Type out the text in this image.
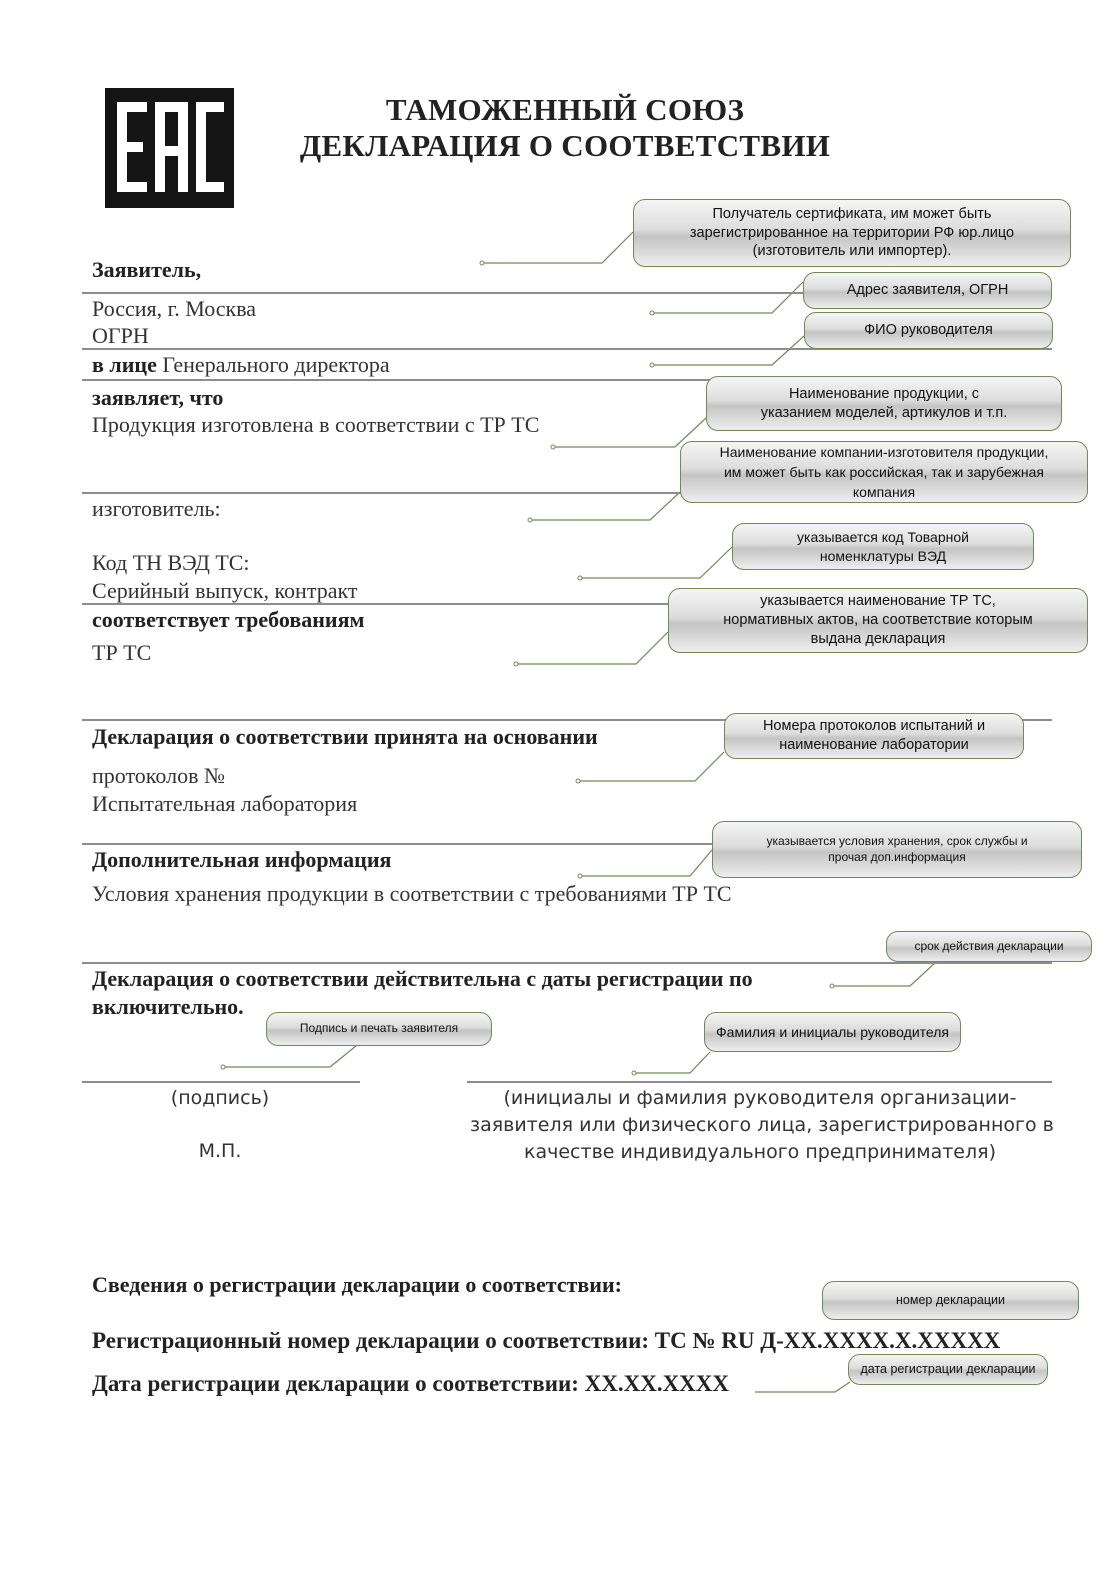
ТАМОЖЕННЫЙ СОЮЗ
ДЕКЛАРАЦИЯ О СООТВЕТСТВИИ
Заявитель,
Россия, г. Москва
ОГРН
в лице Генерального директора
заявляет, что
Продукция изготовлена в соответствии с ТР ТС
изготовитель:
Код ТН ВЭД ТС:
Серийный выпуск, контракт
соответствует требованиям
ТР ТС
Декларация о соответствии принята на основании
протоколов №
Испытательная лаборатория
Дополнительная информация
Условия хранения продукции в соответствии с требованиями ТР ТС
Декларация о соответствии действительна с даты регистрации по
включительно.
(подпись)
М.П.
(инициалы и фамилия руководителя организации-
заявителя или физического лица, зарегистрированного в
качестве индивидуального предпринимателя)
Сведения о регистрации декларации о соответствии:
Регистрационный номер декларации о соответствии: ТС № RU Д-XX.XXXX.X.XXXXX
Дата регистрации декларации о соответствии: XX.XX.XXXX
Получатель сертификата, им может быть
зарегистрированное на территории РФ юр.лицо
(изготовитель или импортер).
Адрес заявителя, ОГРН
ФИО руководителя
Наименование продукции, с
указанием моделей, артикулов и т.п.
Наименование компании-изготовителя продукции,
им может быть как российская, так и зарубежная
компания
указывается код Товарной
номенклатуры ВЭД
указывается наименование ТР ТС,
нормативных актов, на соответствие которым
выдана декларация
Номера протоколов испытаний и
наименование лаборатории
указывается условия хранения, срок службы и
прочая доп.информация
срок действия декларации
Подпись и печать заявителя	Фамилия и инициалы руководителя
номер декларации
дата регистрации декларации
